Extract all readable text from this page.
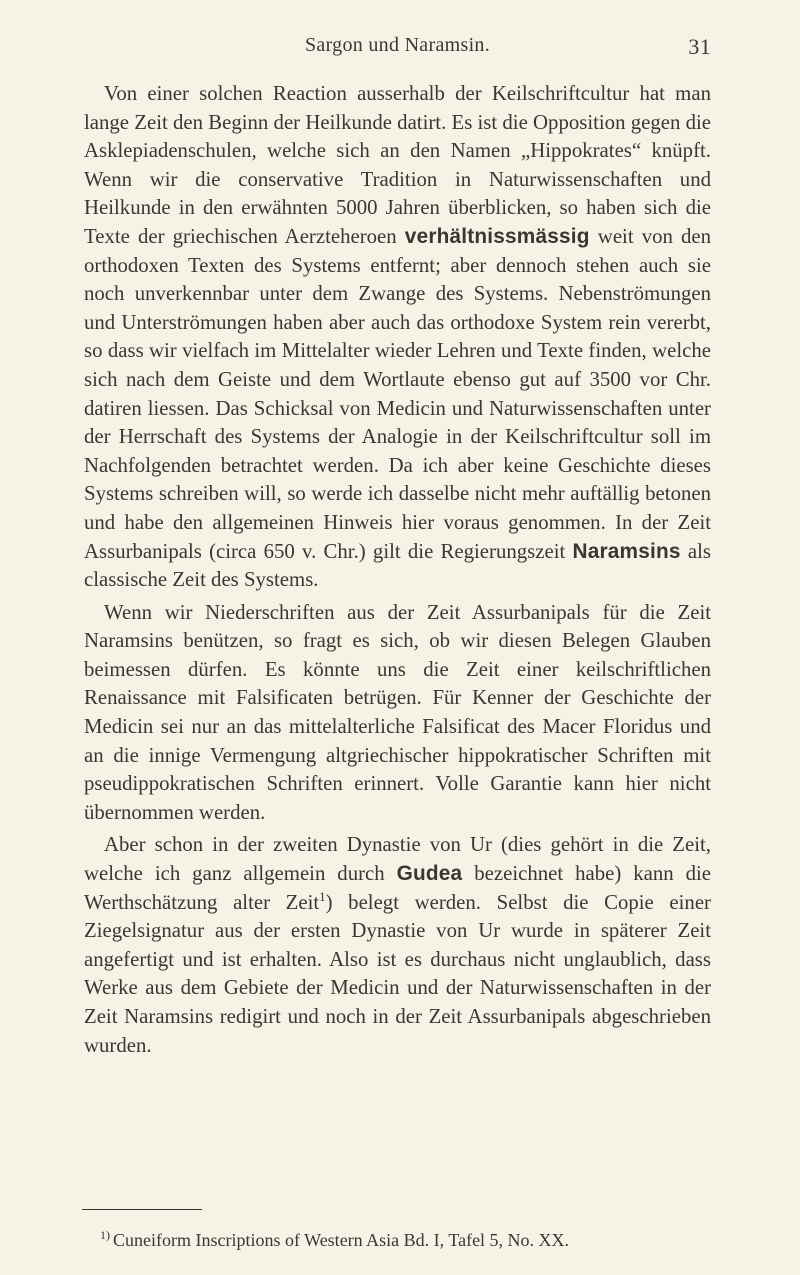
Sargon und Naramsin.	31

Von einer solchen Reaction ausserhalb der Keilschriftcultur hat man lange Zeit den Beginn der Heilkunde datirt. Es ist die Opposition gegen die Asklepiadenschulen, welche sich an den Namen „Hippokrates“ knüpft. Wenn wir die conservative Tradition in Naturwissenschaften und Heilkunde in den erwähnten 5000 Jahren überblicken, so haben sich die Texte der griechischen Aerzteheroen verhältnissmässig weit von den orthodoxen Texten des Systems entfernt; aber dennoch stehen auch sie noch unverkennbar unter dem Zwange des Systems. Nebenströmungen und Unterströmungen haben aber auch das orthodoxe System rein vererbt, so dass wir vielfach im Mittelalter wieder Lehren und Texte finden, welche sich nach dem Geiste und dem Wortlaute ebenso gut auf 3500 vor Chr. datiren liessen. Das Schicksal von Medicin und Naturwissenschaften unter der Herrschaft des Systems der Analogie in der Keilschriftcultur soll im Nachfolgenden betrachtet werden. Da ich aber keine Geschichte dieses Systems schreiben will, so werde ich dasselbe nicht mehr auftällig betonen und habe den allgemeinen Hinweis hier voraus genommen. In der Zeit Assurbanipals (circa 650 v. Chr.) gilt die Regierungszeit Naramsins als classische Zeit des Systems.

Wenn wir Niederschriften aus der Zeit Assurbanipals für die Zeit Naramsins benützen, so fragt es sich, ob wir diesen Belegen Glauben beimessen dürfen. Es könnte uns die Zeit einer keilschriftlichen Renaissance mit Falsificaten betrügen. Für Kenner der Geschichte der Medicin sei nur an das mittelalterliche Falsificat des Macer Floridus und an die innige Vermengung altgriechischer hippokratischer Schriften mit pseudippokratischen Schriften erinnert. Volle Garantie kann hier nicht übernommen werden.

Aber schon in der zweiten Dynastie von Ur (dies gehört in die Zeit, welche ich ganz allgemein durch Gudea bezeichnet habe) kann die Werthschätzung alter Zeit$^1$) belegt werden. Selbst die Copie einer Ziegelsignatur aus der ersten Dynastie von Ur wurde in späterer Zeit angefertigt und ist erhalten. Also ist es durchaus nicht unglaublich, dass Werke aus dem Gebiete der Medicin und der Naturwissenschaften in der Zeit Naramsins redigirt und noch in der Zeit Assurbanipals abgeschrieben wurden.

$^{1)}$ Cuneiform Inscriptions of Western Asia Bd. I, Tafel 5, No. XX.
